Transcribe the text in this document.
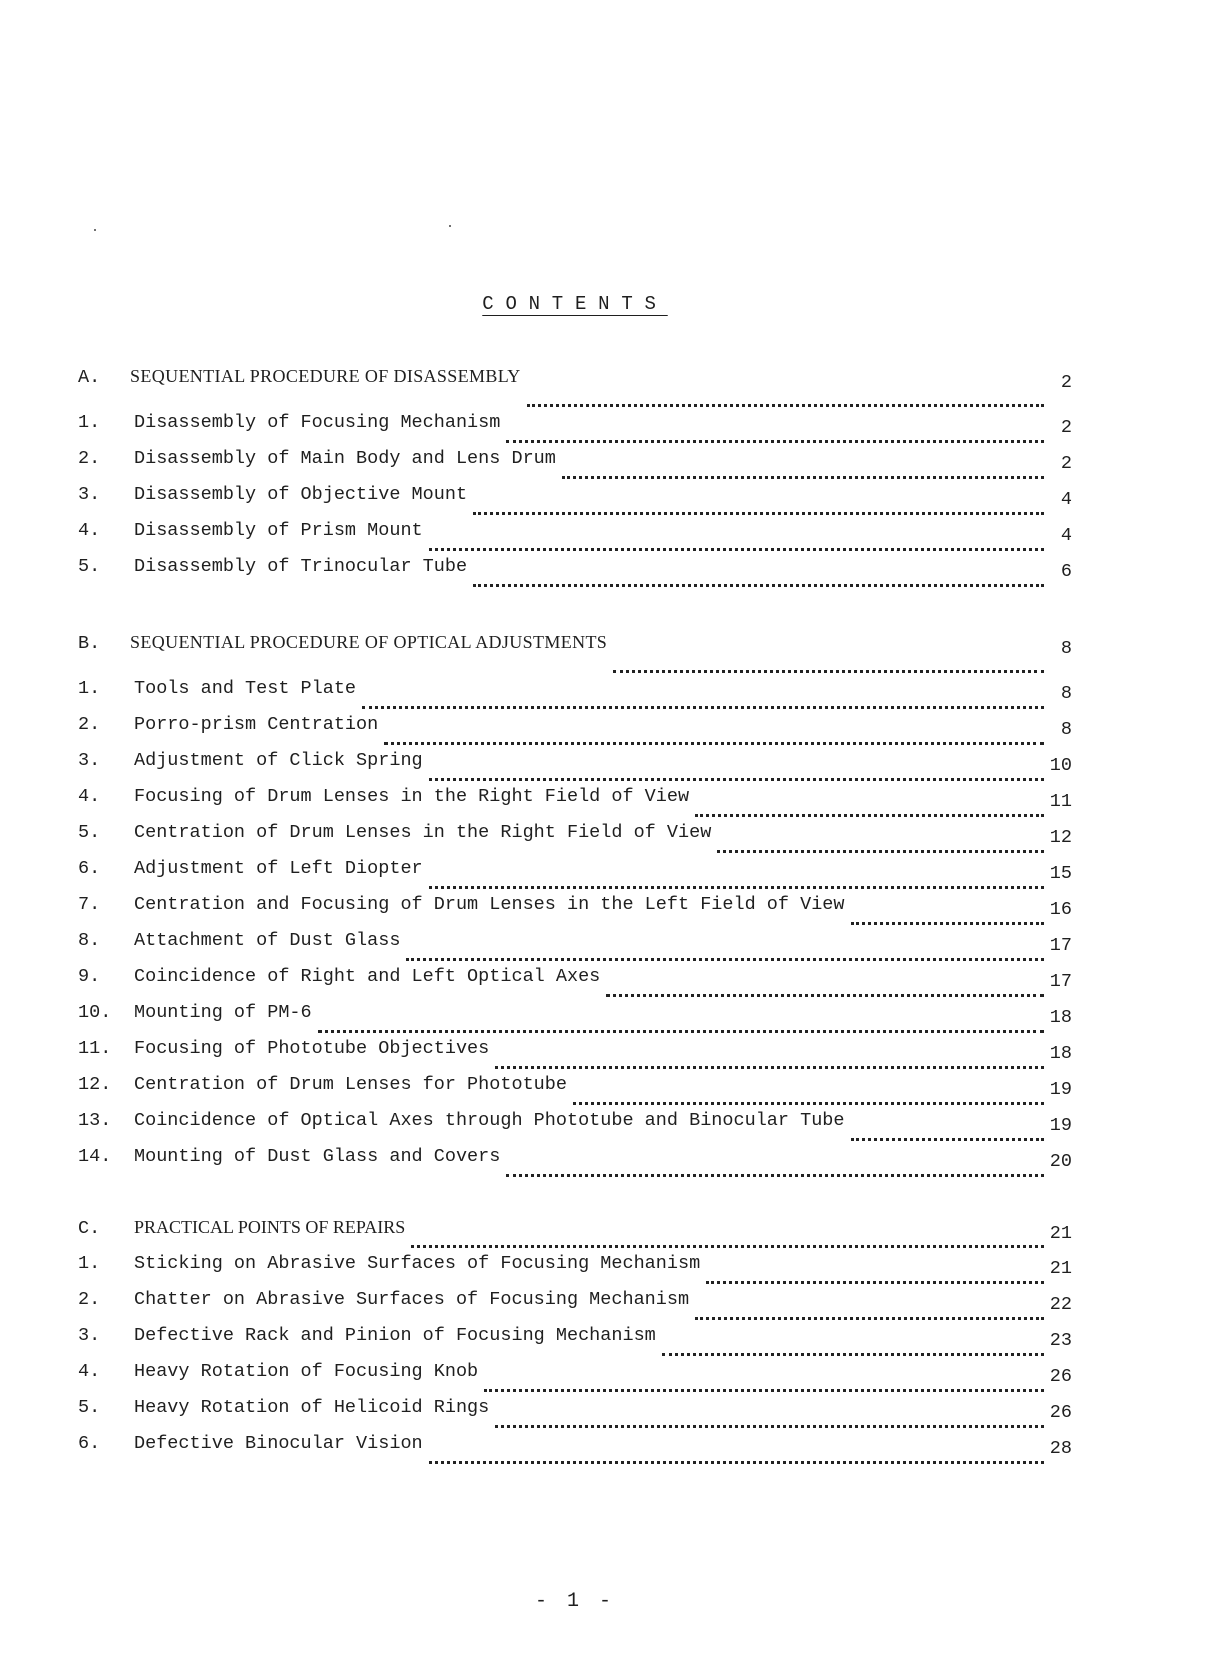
CONTENTS
A.	SEQUENTIAL PROCEDURE OF DISASSEMBLY	2
1.	Disassembly of Focusing Mechanism	2
2.	Disassembly of Main Body and Lens Drum	2
3.	Disassembly of Objective Mount	4
4.	Disassembly of Prism Mount	4
5.	Disassembly of Trinocular Tube	6
B.	SEQUENTIAL PROCEDURE OF OPTICAL ADJUSTMENTS	8
1.	Tools and Test Plate	8
2.	Porro-prism Centration	8
3.	Adjustment of Click Spring	10
4.	Focusing of Drum Lenses in the Right Field of View	11
5.	Centration of Drum Lenses in the Right Field of View	12
6.	Adjustment of Left Diopter	15
7.	Centration and Focusing of Drum Lenses in the Left Field of View	16
8.	Attachment of Dust Glass	17
9.	Coincidence of Right and Left Optical Axes	17
10.	Mounting of PM-6	18
11.	Focusing of Phototube Objectives	18
12.	Centration of Drum Lenses for Phototube	19
13.	Coincidence of Optical Axes through Phototube and Binocular Tube	19
14.	Mounting of Dust Glass and Covers	20
C.	PRACTICAL POINTS OF REPAIRS	21
1.	Sticking on Abrasive Surfaces of Focusing Mechanism	21
2.	Chatter on Abrasive Surfaces of Focusing Mechanism	22
3.	Defective Rack and Pinion of Focusing Mechanism	23
4.	Heavy Rotation of Focusing Knob	26
5.	Heavy Rotation of Helicoid Rings	26
6.	Defective Binocular Vision	28
- 1 -
